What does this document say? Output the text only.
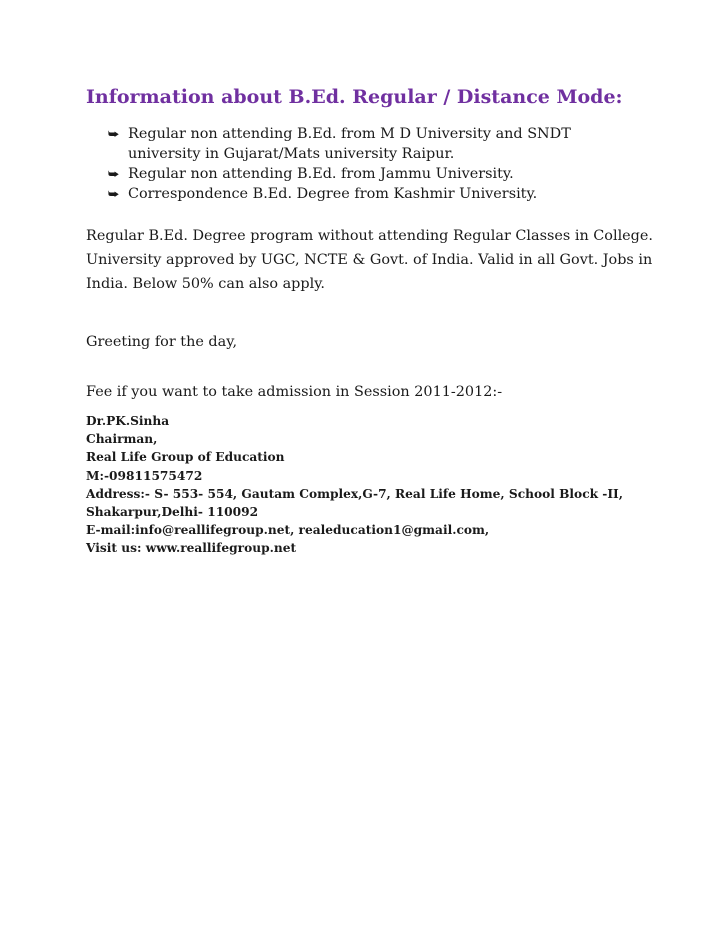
Information about B.Ed. Regular / Distance Mode:
⮩ Regular non attending B.Ed. from M D University and SNDT university in Gujarat/Mats university Raipur.
⮩ Regular non attending B.Ed. from Jammu University.
⮩ Correspondence B.Ed. Degree from Kashmir University.

Regular B.Ed. Degree program without attending Regular Classes in College. University approved by UGC, NCTE & Govt. of India. Valid in all Govt. Jobs in India. Below 50% can also apply.

Greeting for the day,

Fee if you want to take admission in Session 2011-2012:-

Dr.PK.Sinha
Chairman,
Real Life Group of Education
M:-09811575472
Address:- S- 553- 554, Gautam Complex,G-7, Real Life Home, School Block -II,
Shakarpur,Delhi- 110092
E-mail:info@reallifegroup.net, realeducation1@gmail.com,
Visit us: www.reallifegroup.net
